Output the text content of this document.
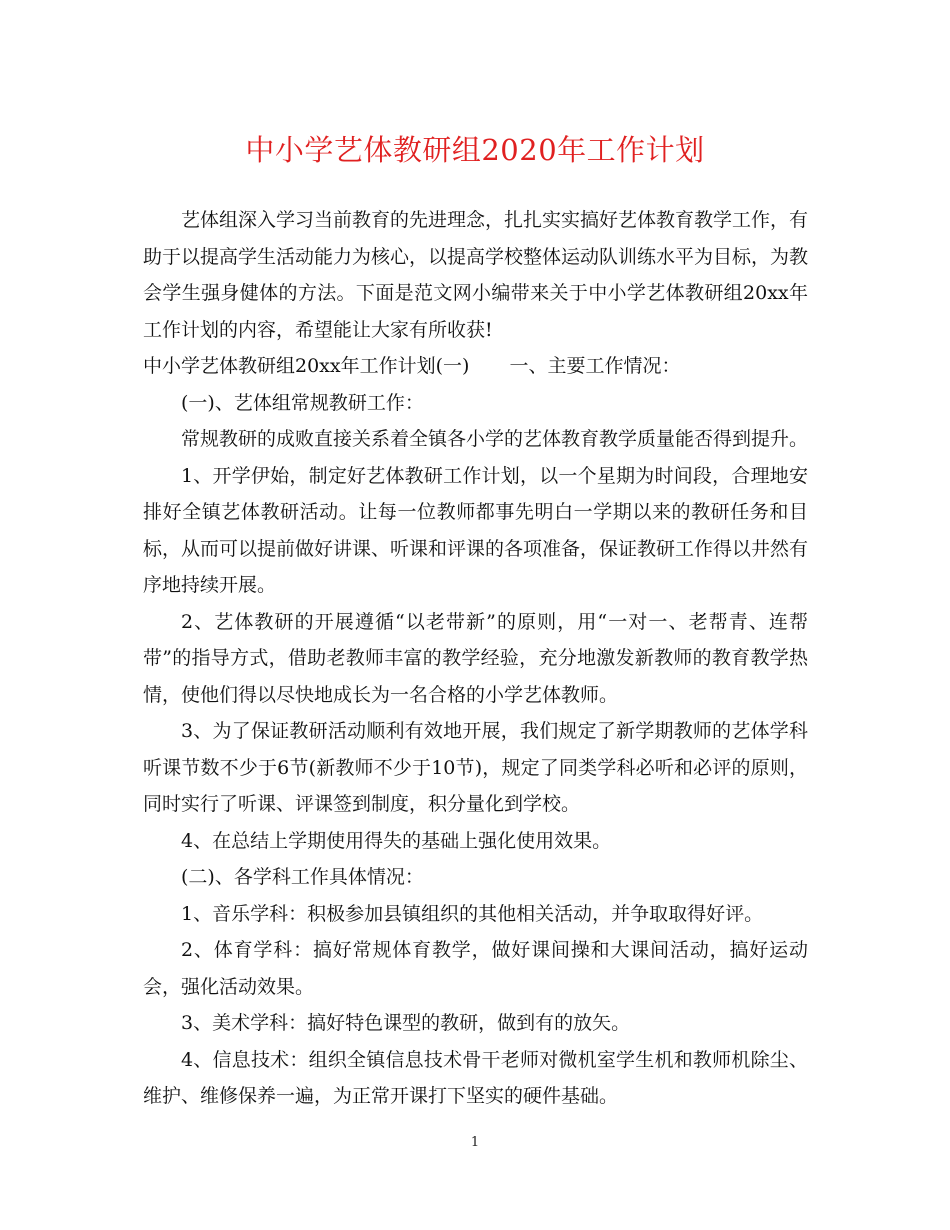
中小学艺体教研组2020年工作计划

艺体组深入学习当前教育的先进理念，扎扎实实搞好艺体教育教学工作，有助于以提高学生活动能力为核心，以提高学校整体运动队训练水平为目标，为教会学生强身健体的方法。下面是范文网小编带来关于中小学艺体教研组20xx年工作计划的内容，希望能让大家有所收获!

中小学艺体教研组20xx年工作计划(一) 一、主要工作情况：

(一)、艺体组常规教研工作：

常规教研的成败直接关系着全镇各小学的艺体教育教学质量能否得到提升。

1、开学伊始，制定好艺体教研工作计划，以一个星期为时间段，合理地安排好全镇艺体教研活动。让每一位教师都事先明白一学期以来的教研任务和目标，从而可以提前做好讲课、听课和评课的各项准备，保证教研工作得以井然有序地持续开展。

2、艺体教研的开展遵循“以老带新”的原则，用“一对一、老帮青、连帮带”的指导方式，借助老教师丰富的教学经验，充分地激发新教师的教育教学热情，使他们得以尽快地成长为一名合格的小学艺体教师。

3、为了保证教研活动顺利有效地开展，我们规定了新学期教师的艺体学科听课节数不少于6节(新教师不少于10节)，规定了同类学科必听和必评的原则，同时实行了听课、评课签到制度，积分量化到学校。

4、在总结上学期使用得失的基础上强化使用效果。

(二)、各学科工作具体情况：

1、音乐学科：积极参加县镇组织的其他相关活动，并争取取得好评。

2、体育学科：搞好常规体育教学，做好课间操和大课间活动，搞好运动会，强化活动效果。

3、美术学科：搞好特色课型的教研，做到有的放矢。

4、信息技术：组织全镇信息技术骨干老师对微机室学生机和教师机除尘、维护、维修保养一遍，为正常开课打下坚实的硬件基础。

1
